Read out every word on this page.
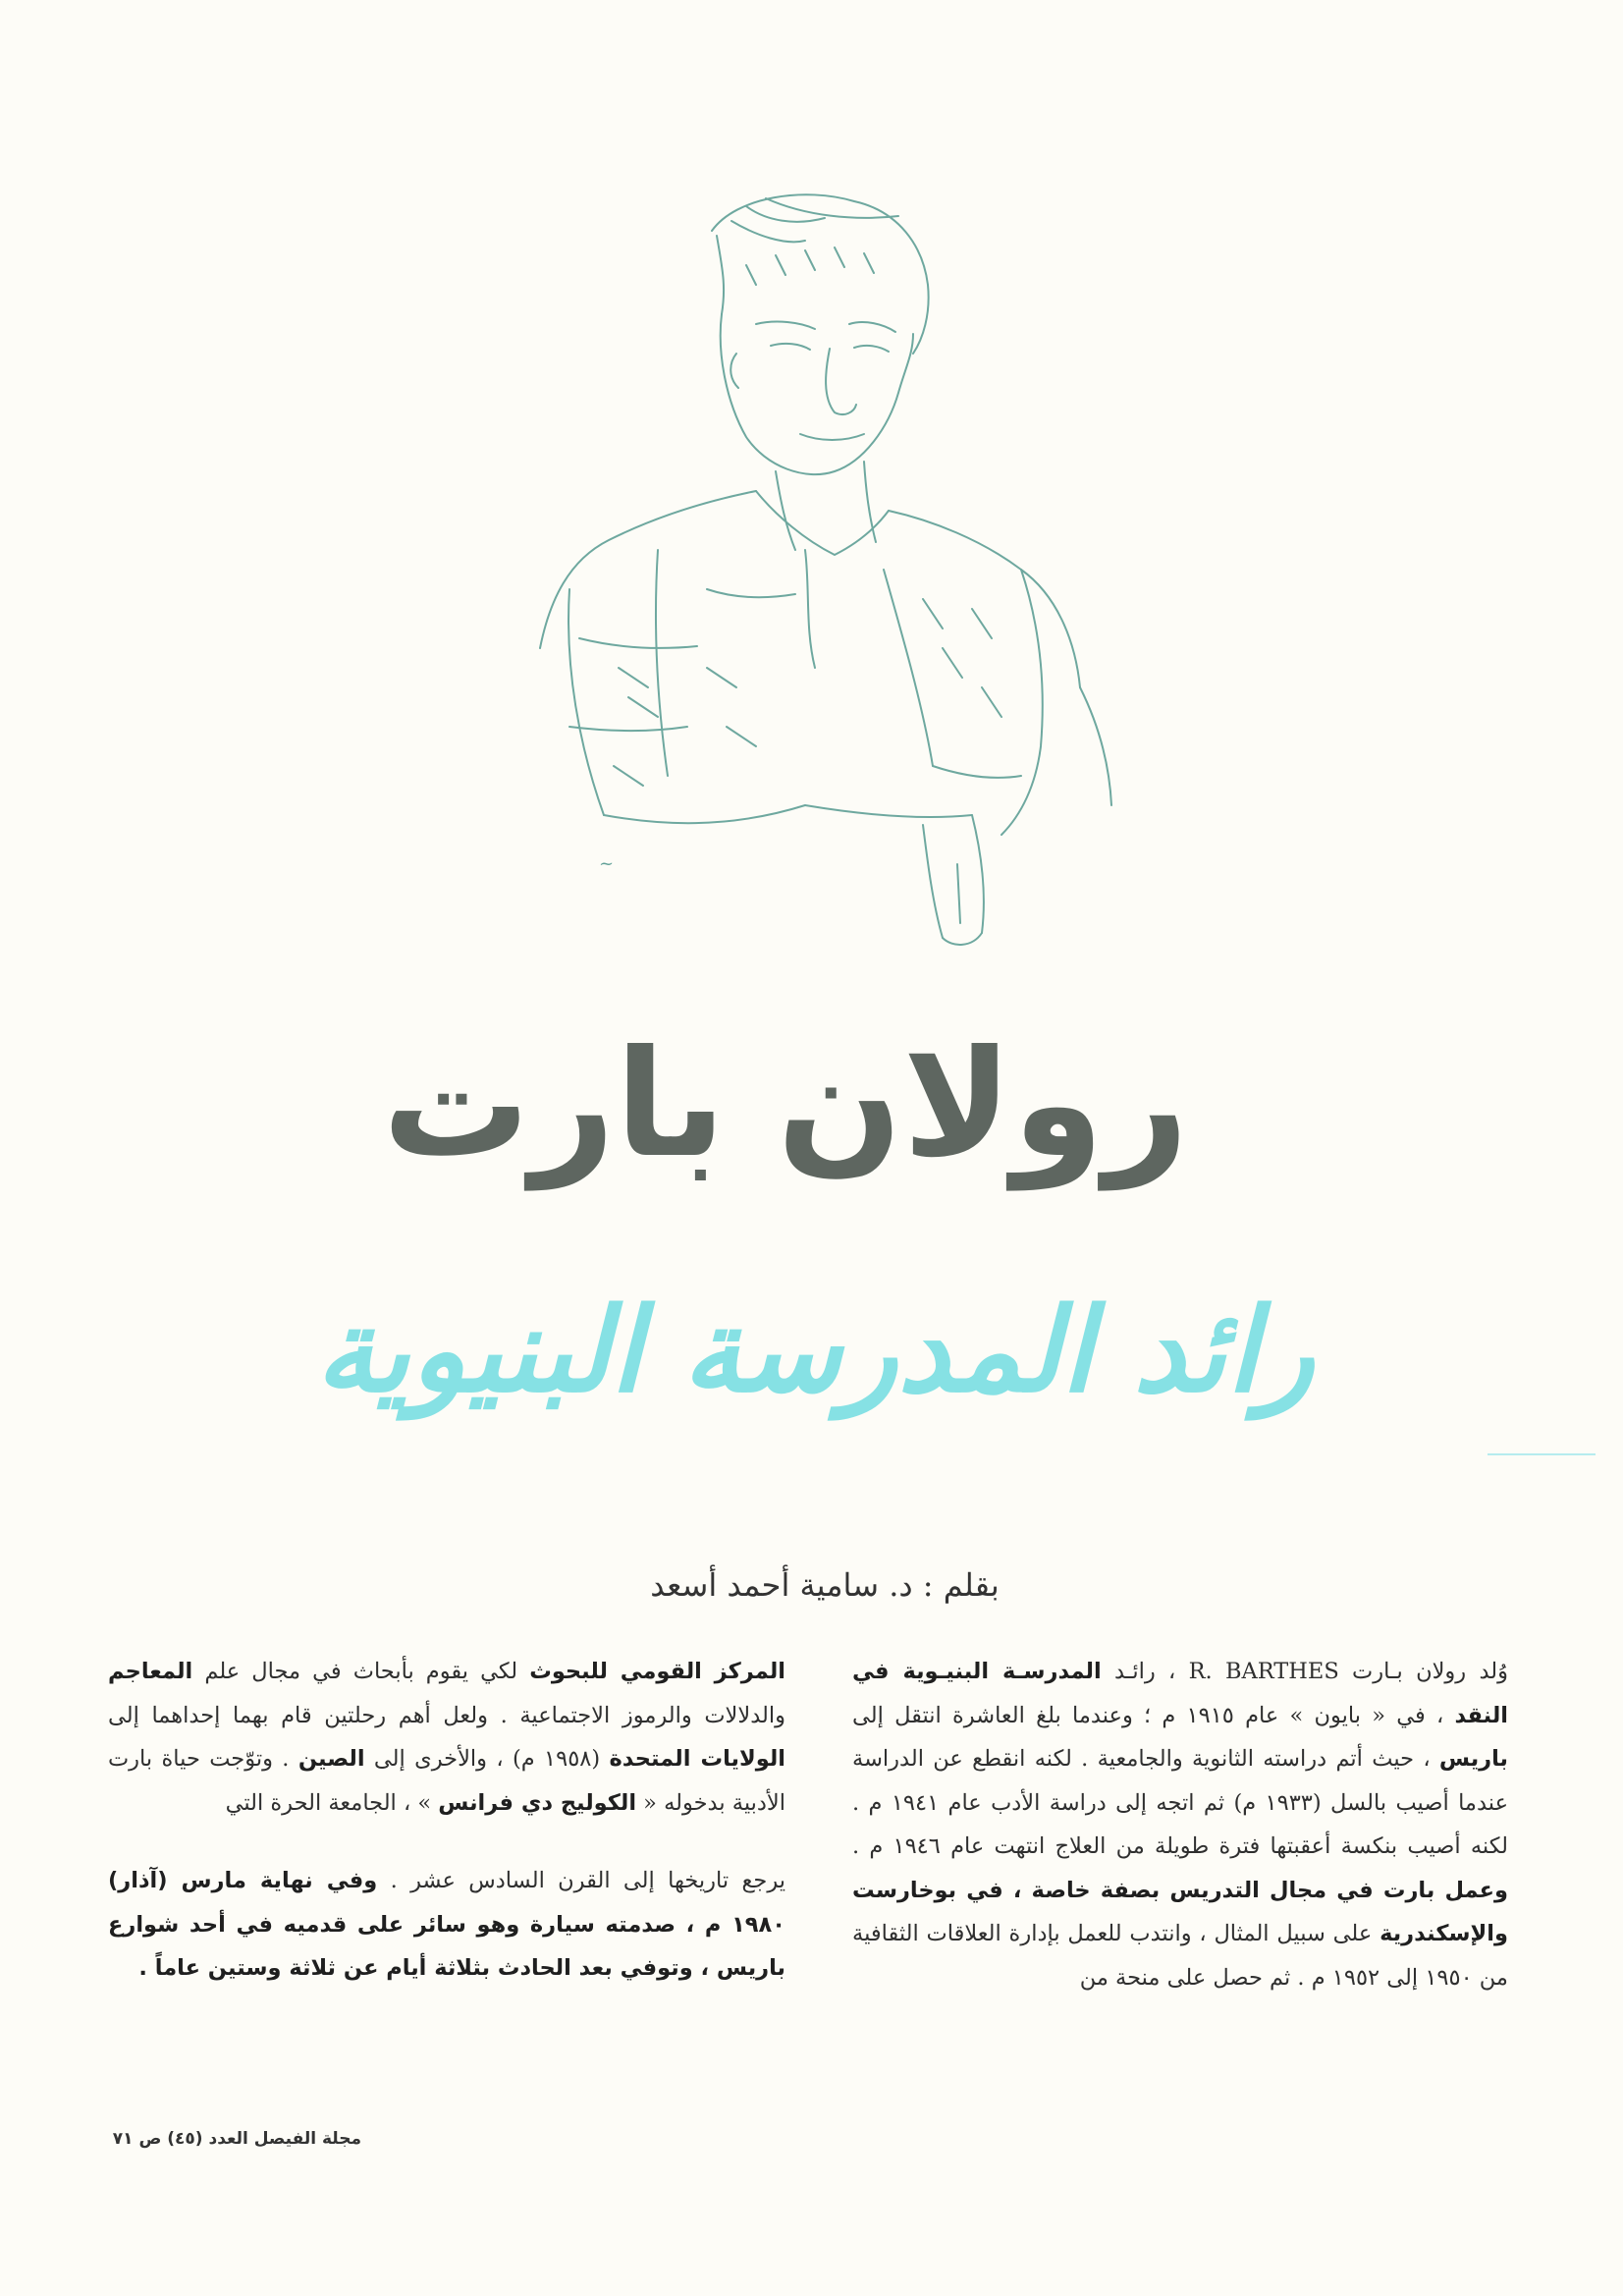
~
رولان بارت
رائد المدرسة البنيوية
بقلم : د. سامية أحمد أسعد

وُلد رولان بـارت R. BARTHES ، رائـد المدرسـة البنيـوية في النقد ، في « بايون » عام ١٩١٥ م ؛ وعندما بلغ العاشرة انتقل إلى باريس ، حيث أتم دراسته الثانوية والجامعية . لكنه انقطع عن الدراسة عندما أصيب بالسل (١٩٣٣ م) ثم اتجه إلى دراسة الأدب عام ١٩٤١ م . لكنه أصيب بنكسة أعقبتها فترة طويلة من العلاج انتهت عام ١٩٤٦ م . وعمل بارت في مجال التدريس بصفة خاصة ، في بوخارست والإسكندرية على سبيل المثال ، وانتدب للعمل بإدارة العلاقات الثقافية من ١٩٥٠ إلى ١٩٥٢ م . ثم حصل على منحة من

المركز القومي للبحوث لكي يقوم بأبحاث في مجال علم المعاجم والدلالات والرموز الاجتماعية . ولعل أهم رحلتين قام بهما إحداهما إلى الولايات المتحدة (١٩٥٨ م) ، والأخرى إلى الصين . وتوّجت حياة بارت الأدبية بدخوله « الكوليج دي فرانس » ، الجامعة الحرة التي

يرجع تاريخها إلى القرن السادس عشر . وفي نهاية مارس (آذار) ١٩٨٠ م ، صدمته سيارة وهو سائر على قدميه في أحد شوارع باريس ، وتوفي بعد الحادث بثلاثة أيام عن ثلاثة وستين عاماً .

مجلة الفيصل العدد (٤٥) ص ٧١
